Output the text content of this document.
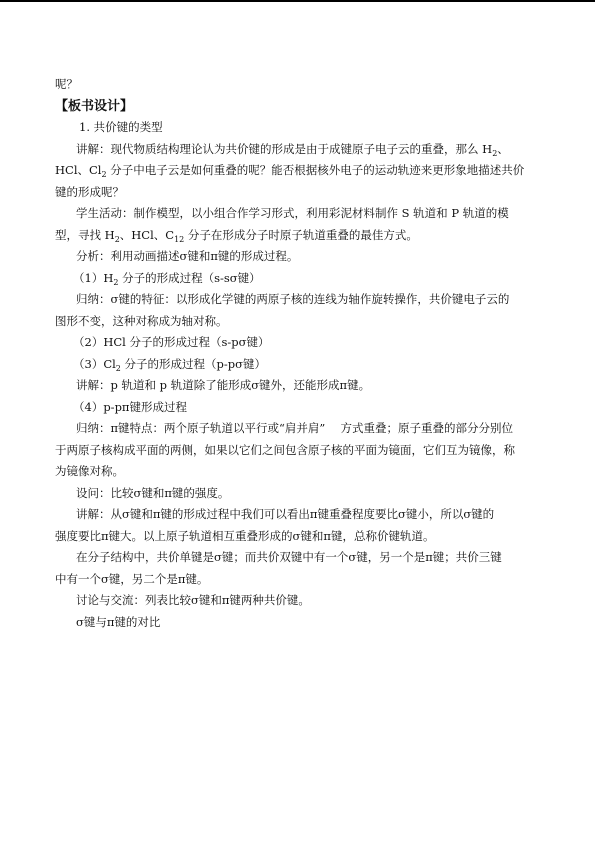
呢？
【板书设计】
1. 共价键的类型
讲解：现代物质结构理论认为共价键的形成是由于成键原子电子云的重叠，那么 $H_2$、
HCl、$Cl_2$ 分子中电子云是如何重叠的呢？能否根据核外电子的运动轨迹来更形象地描述共价
键的形成呢？
学生活动：制作模型，以小组合作学习形式，利用彩泥材料制作 S 轨道和 P 轨道的模
型，寻找 $H_2$、HCl、$C_{12}$ 分子在形成分子时原子轨道重叠的最佳方式。
分析：利用动画描述σ键和π键的形成过程。
$(1)H_2$ 分子的形成过程（s-sσ键）
归纳：σ键的特征：以形成化学键的两原子核的连线为轴作旋转操作，共价键电子云的
图形不变，这种对称成为轴对称。
（2）HCl 分子的形成过程（s-pσ键）
$(3)Cl_2$ 分子的形成过程（p-pσ键）
讲解：p 轨道和 p 轨道除了能形成σ键外，还能形成π键。
（4）p-pπ键形成过程
归纳：π键特点：两个原子轨道以平行或“肩并肩”　 方式重叠；原子重叠的部分分别位
于两原子核构成平面的两侧，如果以它们之间包含原子核的平面为镜面，它们互为镜像，称
为镜像对称。
设问：比较σ键和π键的强度。
讲解：从σ键和π键的形成过程中我们可以看出π键重叠程度要比σ键小，所以σ键的
强度要比π键大。以上原子轨道相互重叠形成的σ键和π键，总称价键轨道。
在分子结构中，共价单键是σ键；而共价双键中有一个σ键，另一个是π键；共价三键
中有一个σ键，另二个是π键。
讨论与交流：列表比较σ键和π键两种共价键。
σ键与π键的对比
